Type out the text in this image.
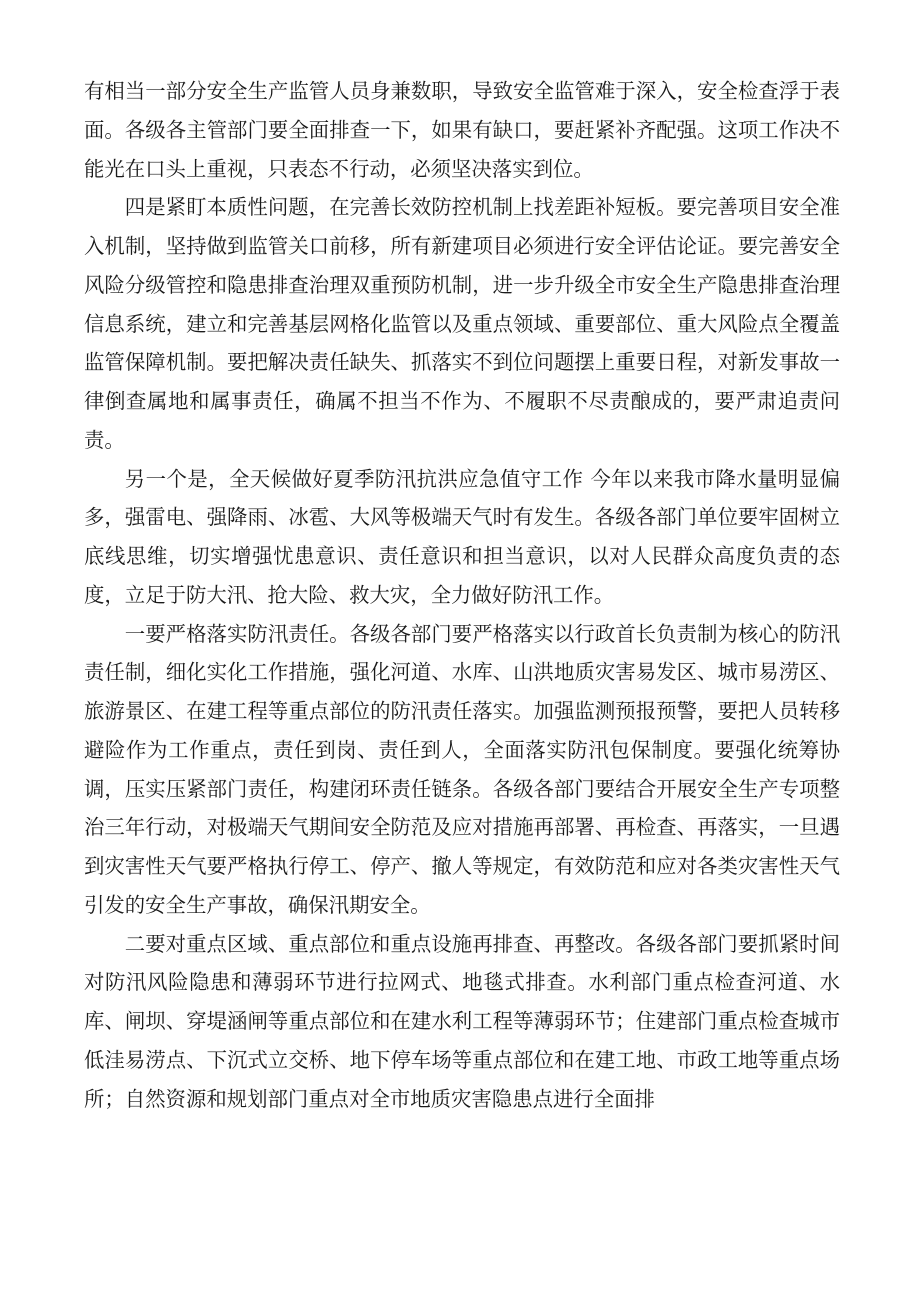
有相当一部分安全生产监管人员身兼数职，导致安全监管难于深入，安全检查浮于表面。各级各主管部门要全面排查一下，如果有缺口，要赶紧补齐配强。这项工作决不能光在口头上重视，只表态不行动，必须坚决落实到位。

四是紧盯本质性问题，在完善长效防控机制上找差距补短板。要完善项目安全准入机制，坚持做到监管关口前移，所有新建项目必须进行安全评估论证。要完善安全风险分级管控和隐患排查治理双重预防机制，进一步升级全市安全生产隐患排查治理信息系统，建立和完善基层网格化监管以及重点领域、重要部位、重大风险点全覆盖监管保障机制。要把解决责任缺失、抓落实不到位问题摆上重要日程，对新发事故一律倒查属地和属事责任，确属不担当不作为、不履职不尽责酿成的，要严肃追责问责。

另一个是，全天候做好夏季防汛抗洪应急值守工作 今年以来我市降水量明显偏多，强雷电、强降雨、冰雹、大风等极端天气时有发生。各级各部门单位要牢固树立底线思维，切实增强忧患意识、责任意识和担当意识，以对人民群众高度负责的态度，立足于防大汛、抢大险、救大灾，全力做好防汛工作。

一要严格落实防汛责任。各级各部门要严格落实以行政首长负责制为核心的防汛责任制，细化实化工作措施，强化河道、水库、山洪地质灾害易发区、城市易涝区、旅游景区、在建工程等重点部位的防汛责任落实。加强监测预报预警，要把人员转移避险作为工作重点，责任到岗、责任到人，全面落实防汛包保制度。要强化统筹协调，压实压紧部门责任，构建闭环责任链条。各级各部门要结合开展安全生产专项整治三年行动，对极端天气期间安全防范及应对措施再部署、再检查、再落实，一旦遇到灾害性天气要严格执行停工、停产、撤人等规定，有效防范和应对各类灾害性天气引发的安全生产事故，确保汛期安全。

二要对重点区域、重点部位和重点设施再排查、再整改。各级各部门要抓紧时间对防汛风险隐患和薄弱环节进行拉网式、地毯式排查。水利部门重点检查河道、水库、闸坝、穿堤涵闸等重点部位和在建水利工程等薄弱环节；住建部门重点检查城市低洼易涝点、下沉式立交桥、地下停车场等重点部位和在建工地、市政工地等重点场所；自然资源和规划部门重点对全市地质灾害隐患点进行全面排
